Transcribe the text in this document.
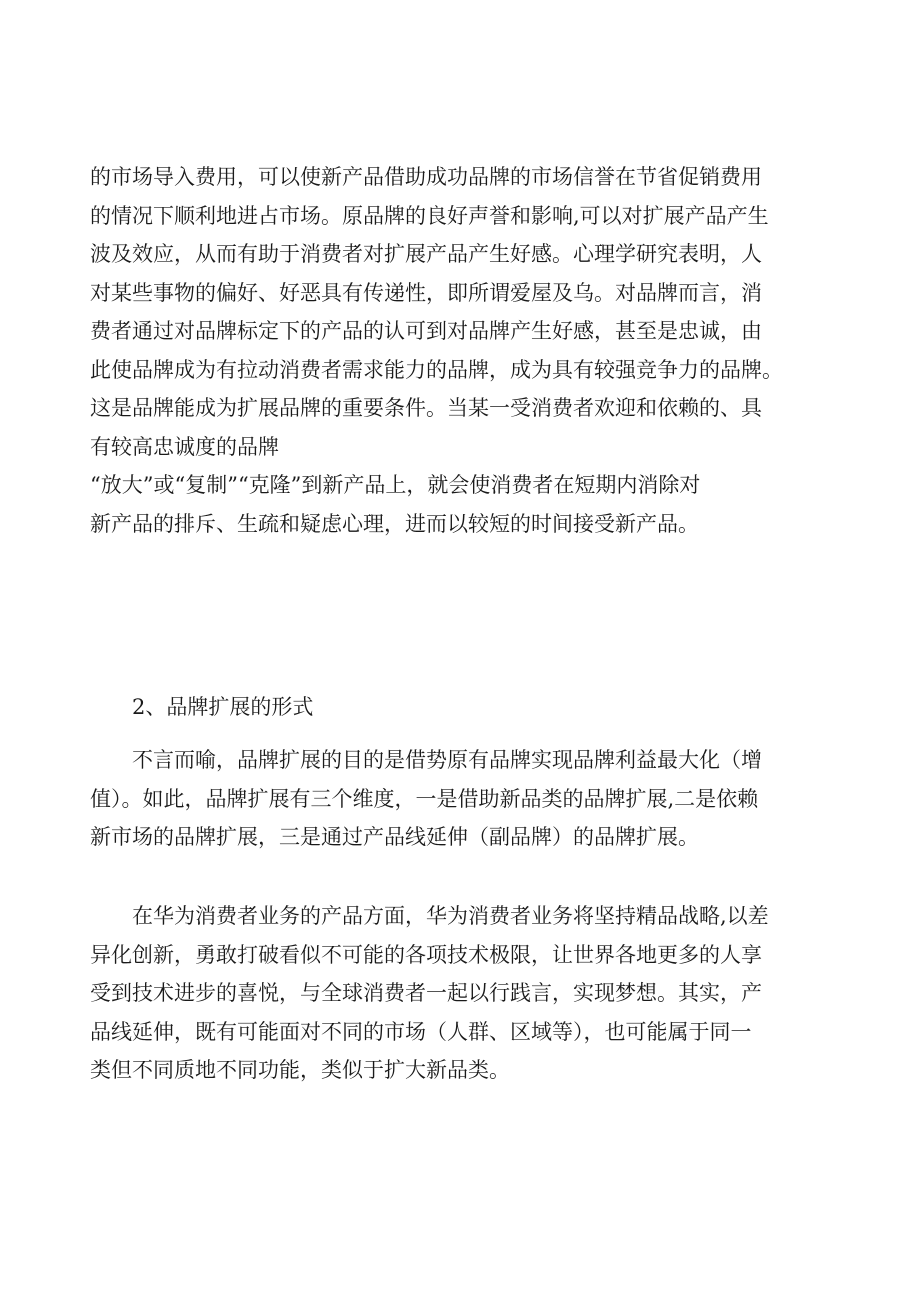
的市场导入费用，可以使新产品借助成功品牌的市场信誉在节省促销费用
的情况下顺利地进占市场。原品牌的良好声誉和影响,可以对扩展产品产生
波及效应，从而有助于消费者对扩展产品产生好感。心理学研究表明，人
对某些事物的偏好、好恶具有传递性，即所谓爱屋及乌。对品牌而言，消
费者通过对品牌标定下的产品的认可到对品牌产生好感，甚至是忠诚，由
此使品牌成为有拉动消费者需求能力的品牌，成为具有较强竞争力的品牌。
这是品牌能成为扩展品牌的重要条件。当某一受消费者欢迎和依赖的、具
有较高忠诚度的品牌
“放大”或“复制”“克隆”到新产品上，就会使消费者在短期内消除对
新产品的排斥、生疏和疑虑心理，进而以较短的时间接受新产品。
2、品牌扩展的形式
不言而喻，品牌扩展的目的是借势原有品牌实现品牌利益最大化（增
值）。如此，品牌扩展有三个维度，一是借助新品类的品牌扩展,二是依赖
新市场的品牌扩展，三是通过产品线延伸（副品牌）的品牌扩展。
在华为消费者业务的产品方面，华为消费者业务将坚持精品战略,以差
异化创新，勇敢打破看似不可能的各项技术极限，让世界各地更多的人享
受到技术进步的喜悦，与全球消费者一起以行践言，实现梦想。其实，产
品线延伸，既有可能面对不同的市场（人群、区域等），也可能属于同一
类但不同质地不同功能，类似于扩大新品类。
